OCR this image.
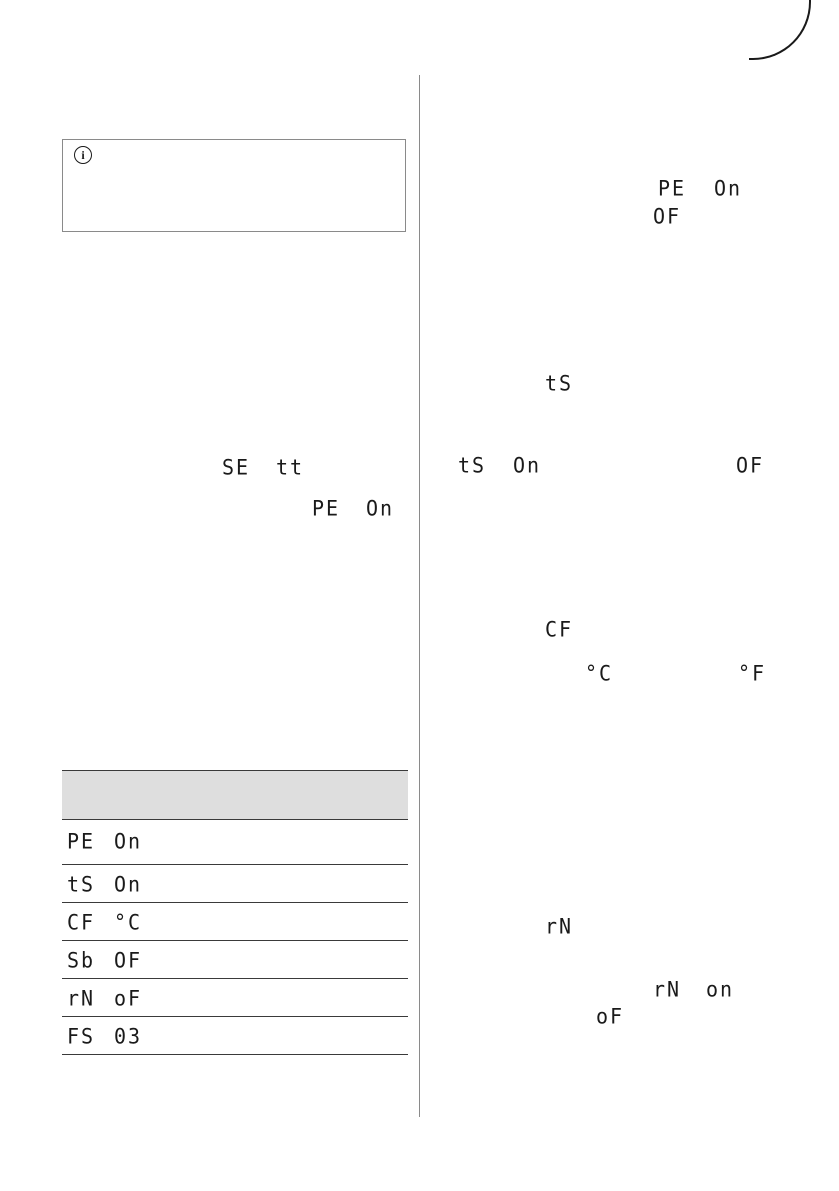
i
SE tt
PE On
PE On
tS On
CF °C
Sb OF
rN oF
FS 03
PE On
OF
tS
tS On	OF
CF
°C	°F
rN
rN on
oF
